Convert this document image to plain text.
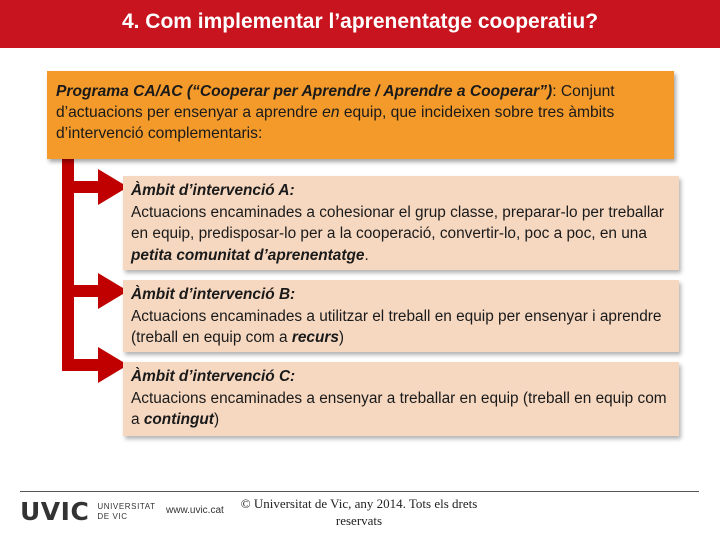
4. Com implementar l’aprenentatge cooperatiu?
Programa CA/AC (“Cooperar per Aprendre / Aprendre a Cooperar”): Conjunt d’actuacions per ensenyar a aprendre en equip, que incideixen sobre tres àmbits d’intervenció complementaris:
Àmbit d’intervenció A:
Actuacions encaminades a cohesionar el grup classe, preparar-lo per treballar en equip, predisposar-lo per a la cooperació, convertir-lo, poc a poc, en una petita comunitat d’aprenentatge.
Àmbit d’intervenció B:
Actuacions encaminades a utilitzar el treball en equip per ensenyar i aprendre (treball en equip com a recurs)
Àmbit d’intervenció C:
Actuacions encaminades a ensenyar a treballar en equip (treball en equip com a contingut)
UVIC UNIVERSITAT
DE VIC	www.uvic.cat	© Universitat de Vic, any 2014. Tots els drets reservats
